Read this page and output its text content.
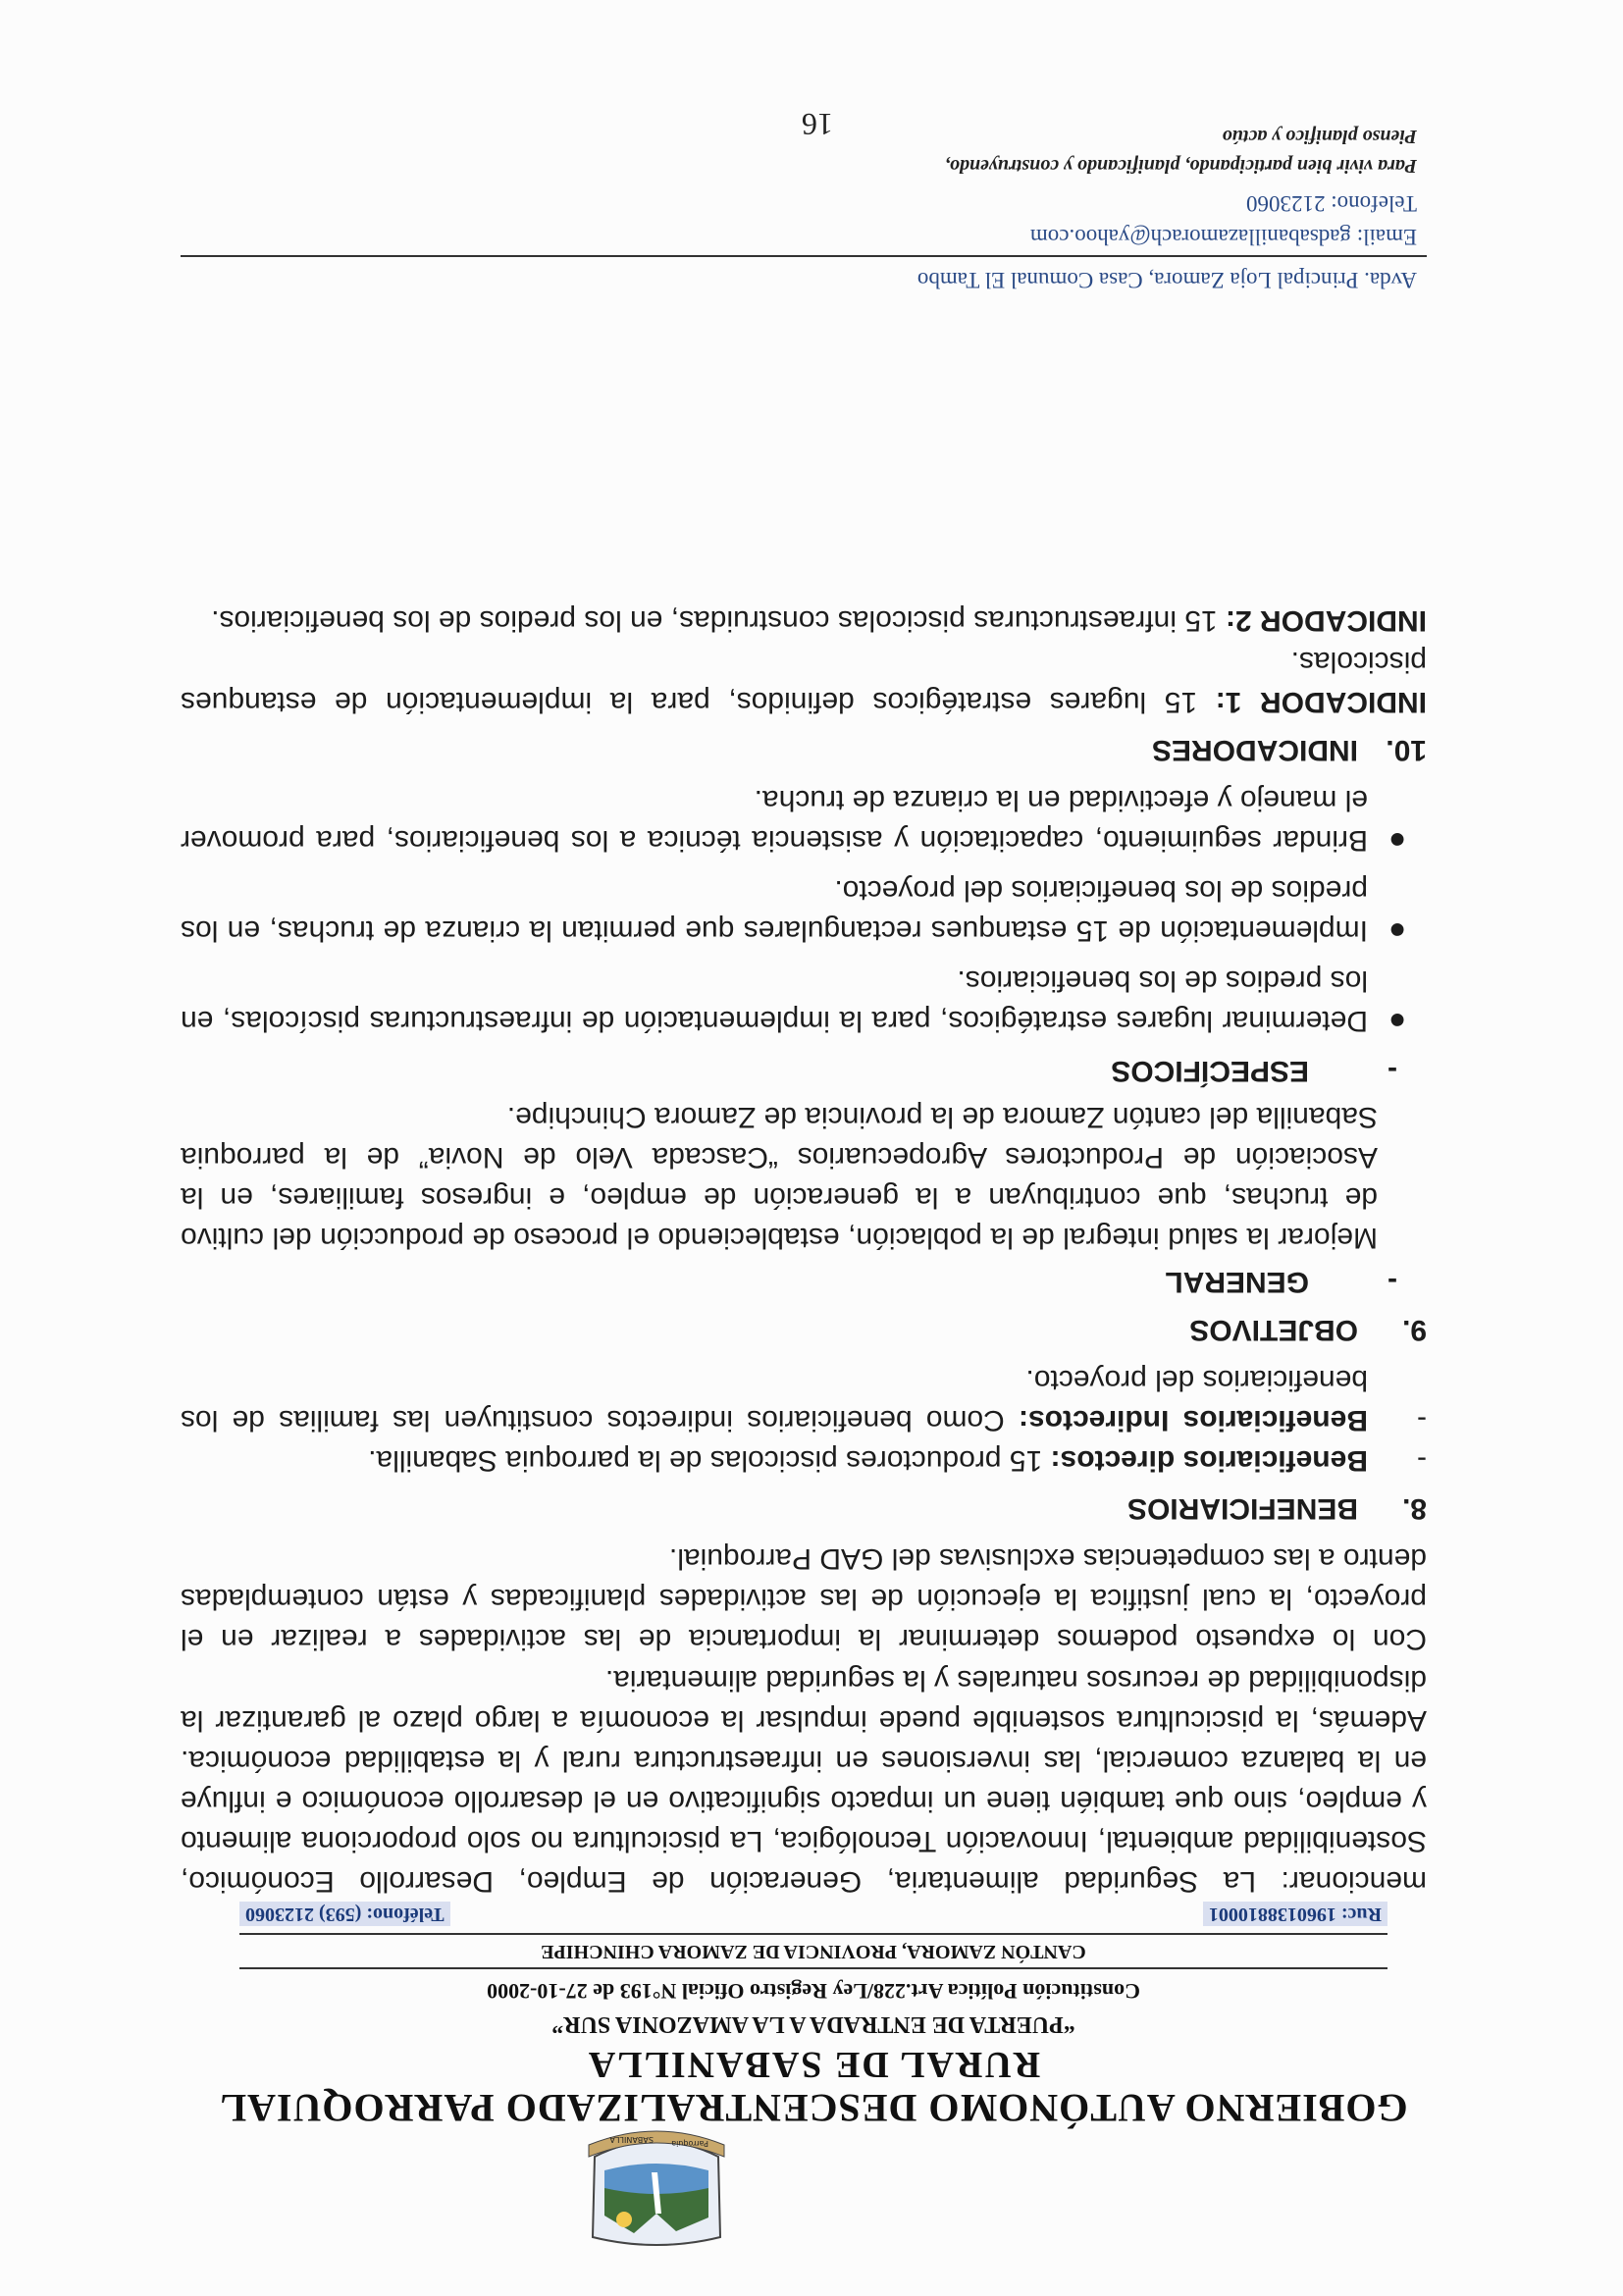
Parroquia
SABANILLA
GOBIERNO AUTÓNOMO DESCENTRALIZADO PARROQUIAL
RURAL DE SABANILLA
“PUERTA DE ENTRADA A LA AMAZONIA SUR”
Constitución Política Art.228/Ley Registro Oficial N°193 de 27-10-2000
CANTÓN ZAMORA, PROVINCIA DE ZAMORA CHINCHIPE
Ruc: 1960138810001
Teléfono: (593) 2123060

mencionar: La Seguridad alimentaria, Generación de Empleo, Desarrollo Económico, Sostenibilidad ambiental, Innovación Tecnológica, La piscicultura no solo proporciona alimento y empleo, sino que también tiene un impacto significativo en el desarrollo económico e influye en la balanza comercial, las inversiones en infraestructura rural y la estabilidad económica. Además, la piscicultura sostenible puede impulsar la economía a largo plazo al garantizar la disponibilidad de recursos naturales y la seguridad alimentaria.

Con lo expuesto podemos determinar la importancia de las actividades a realizar en el proyecto, la cual justifica la ejecución de las actividades planificadas y están contempladas dentro a las competencias exclusivas del GAD Parroquial.

8.BENEFICIARIOS
-
Beneficiarios directos: 15 productores piscicolas de la parroquia Sabanilla.
-
Beneficiarios Indirectos: Como beneficiarios indirectos constituyen las familias de los beneficiarios del proyecto.
9.OBJETIVOS
-
GENERAL

Mejorar la salud integral de la población, estableciendo el proceso de producción del cultivo de truchas, que contribuyan a la generación de empleo, e ingresos familiares, en la Asociación de Productores Agropecuarios “Cascada Velo de Novia” de la parroquia Sabanilla del cantón Zamora de la provincia de Zamora Chinchipe.

-
ESPECÍFICOS
●
Determinar lugares estratégicos, para la implementación de infraestructuras piscícolas, en los predios de los beneficiarios.
●
Implementación de 15 estanques rectangulares que permitan la crianza de truchas, en los predios de los beneficiarios del proyecto.
●
Brindar seguimiento, capacitación y asistencia técnica a los beneficiarios, para promover el manejo y efectividad en la crianza de trucha.
10.INDICADORES

INDICADOR 1: 15 lugares estratégicos definidos, para la implementación de estanques piscicolas.

INDICADOR 2: 15 infraestructuras piscicolas construidas, en los predios de los beneficiarios.

Avda. Principal Loja Zamora, Casa Comunal El Tambo
Email: gadsabanillazamorach@yahoo.com
Telefono: 2123060
Para vivir bien participando, planificando y construyendo,
Pienso planifico y actúo
16
